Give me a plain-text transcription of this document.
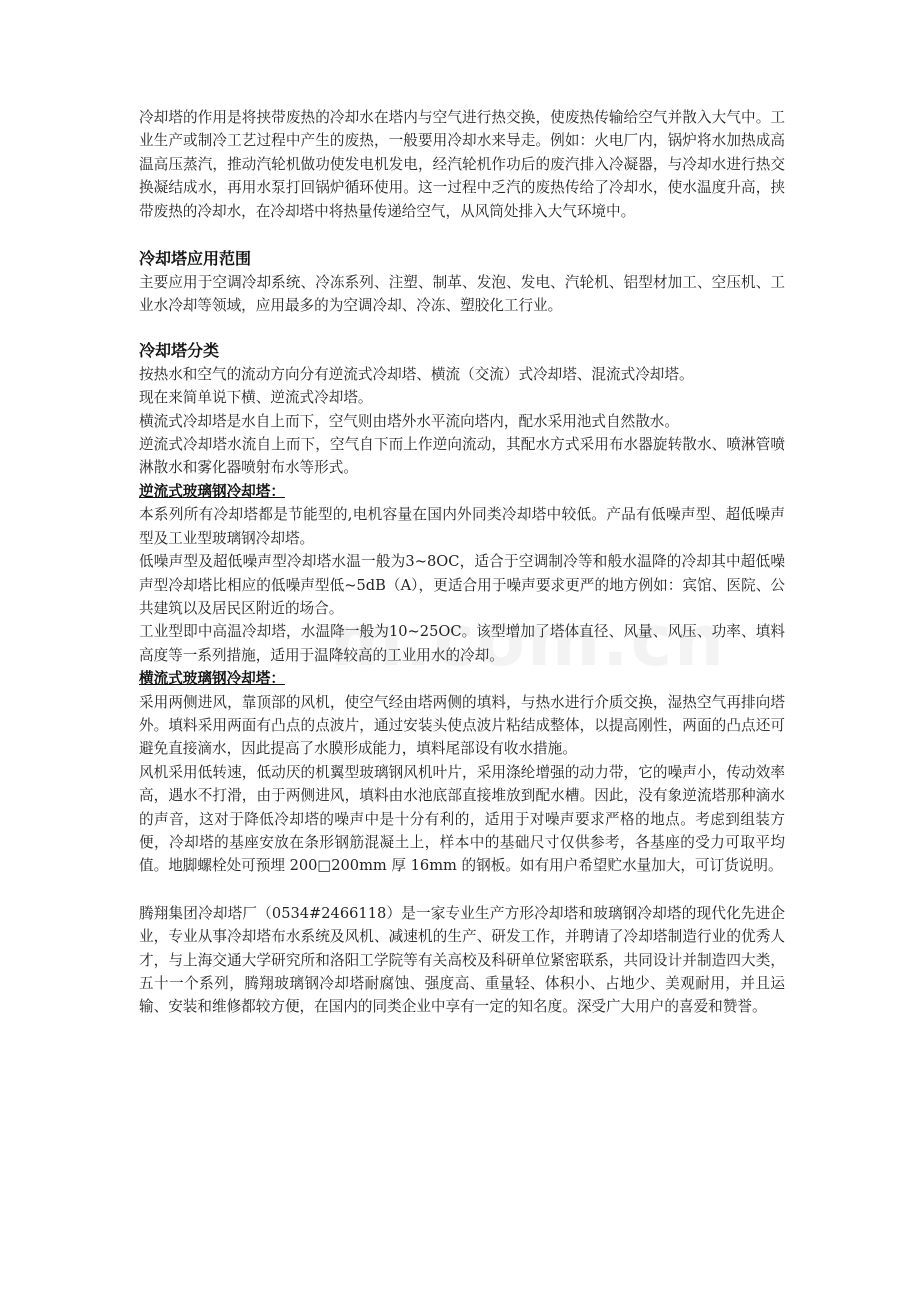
冷却塔的作用是将挟带废热的冷却水在塔内与空气进行热交换，使废热传输给空气并散入大气中。工业生产或制冷工艺过程中产生的废热，一般要用冷却水来导走。例如：火电厂内，锅炉将水加热成高温高压蒸汽，推动汽轮机做功使发电机发电，经汽轮机作功后的废汽排入冷凝器，与冷却水进行热交换凝结成水，再用水泵打回锅炉循环使用。这一过程中乏汽的废热传给了冷却水，使水温度升高，挟带废热的冷却水，在冷却塔中将热量传递给空气，从风筒处排入大气环境中。

冷却塔应用范围

主要应用于空调冷却系统、冷冻系列、注塑、制革、发泡、发电、汽轮机、铝型材加工、空压机、工业水冷却等领域，应用最多的为空调冷却、冷冻、塑胶化工行业。

冷却塔分类

按热水和空气的流动方向分有逆流式冷却塔、横流（交流）式冷却塔、混流式冷却塔。

现在来简单说下横、逆流式冷却塔。

横流式冷却塔是水自上而下，空气则由塔外水平流向塔内，配水采用池式自然散水。

逆流式冷却塔水流自上而下，空气自下而上作逆向流动，其配水方式采用布水器旋转散水、喷淋管喷淋散水和雾化器喷射布水等形式。

逆流式玻璃钢冷却塔：

本系列所有冷却塔都是节能型的,电机容量在国内外同类冷却塔中较低。产品有低噪声型、超低噪声型及工业型玻璃钢冷却塔。

低噪声型及超低噪声型冷却塔水温一般为3~8OC，适合于空调制冷等和般水温降的冷却其中超低噪声型冷却塔比相应的低噪声型低~5dB（A），更适合用于噪声要求更严的地方例如：宾馆、医院、公共建筑以及居民区附近的场合。

工业型即中高温冷却塔，水温降一般为10~25OC。该型增加了塔体直径、风量、风压、功率、填料高度等一系列措施，适用于温降较高的工业用水的冷却。

横流式玻璃钢冷却塔：

采用两侧进风，靠顶部的风机，使空气经由塔两侧的填料，与热水进行介质交换，湿热空气再排向塔外。填料采用两面有凸点的点波片，通过安装头使点波片粘结成整体，以提高刚性，两面的凸点还可避免直接滴水，因此提高了水膜形成能力，填料尾部设有收水措施。

风机采用低转速，低动厌的机翼型玻璃钢风机叶片，采用涤纶增强的动力带，它的噪声小，传动效率高，遇水不打滑，由于两侧进风，填料由水池底部直接堆放到配水槽。因此，没有象逆流塔那种滴水的声音，这对于降低冷却塔的噪声中是十分有利的，适用于对噪声要求严格的地点。考虑到组装方便，冷却塔的基座安放在条形钢筋混凝土上，样本中的基础尺寸仅供参考，各基座的受力可取平均值。地脚螺栓处可预埋 200□200mm 厚 16mm 的钢板。如有用户希望贮水量加大，可订货说明。

腾翔集团冷却塔厂（0534#2466118）是一家专业生产方形冷却塔和玻璃钢冷却塔的现代化先进企业，专业从事冷却塔布水系统及风机、减速机的生产、研发工作，并聘请了冷却塔制造行业的优秀人才，与上海交通大学研究所和洛阳工学院等有关高校及科研单位紧密联系，共同设计并制造四大类，五十一个系列，腾翔玻璃钢冷却塔耐腐蚀、强度高、重量轻、体积小、占地少、美观耐用，并且运输、安装和维修都较方便，在国内的同类企业中享有一定的知名度。深受广大用户的喜爱和赞誉。
